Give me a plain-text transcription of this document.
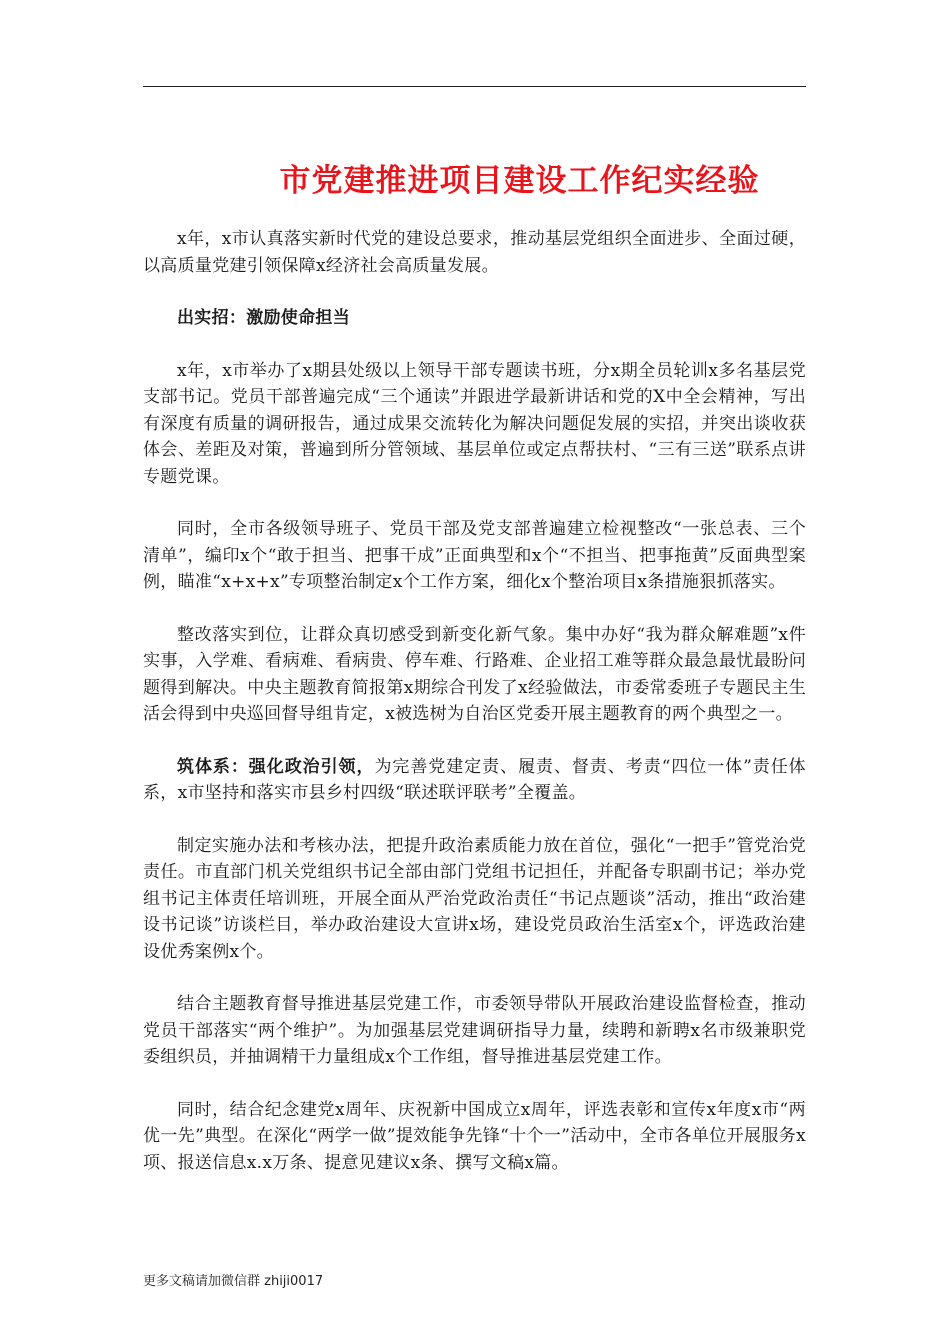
市党建推进项目建设工作纪实经验

x年，x市认真落实新时代党的建设总要求，推动基层党组织全面进步、全面过硬，以高质量党建引领保障x经济社会高质量发展。

出实招：激励使命担当

x年，x市举办了x期县处级以上领导干部专题读书班，分x期全员轮训x多名基层党支部书记。党员干部普遍完成“三个通读”并跟进学最新讲话和党的X中全会精神，写出有深度有质量的调研报告，通过成果交流转化为解决问题促发展的实招，并突出谈收获体会、差距及对策，普遍到所分管领域、基层单位或定点帮扶村、“三有三送”联系点讲专题党课。

同时，全市各级领导班子、党员干部及党支部普遍建立检视整改“一张总表、三个清单”，编印x个“敢于担当、把事干成”正面典型和x个“不担当、把事拖黄”反面典型案例，瞄准“x+x+x”专项整治制定x个工作方案，细化x个整治项目x条措施狠抓落实。

整改落实到位，让群众真切感受到新变化新气象。集中办好“我为群众解难题”x件实事，入学难、看病难、看病贵、停车难、行路难、企业招工难等群众最急最忧最盼问题得到解决。中央主题教育简报第x期综合刊发了x经验做法，市委常委班子专题民主生活会得到中央巡回督导组肯定，x被选树为自治区党委开展主题教育的两个典型之一。

筑体系：强化政治引领，为完善党建定责、履责、督责、考责“四位一体”责任体系，x市坚持和落实市县乡村四级“联述联评联考”全覆盖。

制定实施办法和考核办法，把提升政治素质能力放在首位，强化“一把手”管党治党责任。市直部门机关党组织书记全部由部门党组书记担任，并配备专职副书记；举办党组书记主体责任培训班，开展全面从严治党政治责任“书记点题谈”活动，推出“政治建设书记谈”访谈栏目，举办政治建设大宣讲x场，建设党员政治生活室x个，评选政治建设优秀案例x个。

结合主题教育督导推进基层党建工作，市委领导带队开展政治建设监督检查，推动党员干部落实“两个维护”。为加强基层党建调研指导力量，续聘和新聘x名市级兼职党委组织员，并抽调精干力量组成x个工作组，督导推进基层党建工作。

同时，结合纪念建党x周年、庆祝新中国成立x周年，评选表彰和宣传x年度x市“两优一先”典型。在深化“两学一做”提效能争先锋“十个一”活动中，全市各单位开展服务x项、报送信息x.x万条、提意见建议x条、撰写文稿x篇。

更多文稿请加微信群 zhiji0017
